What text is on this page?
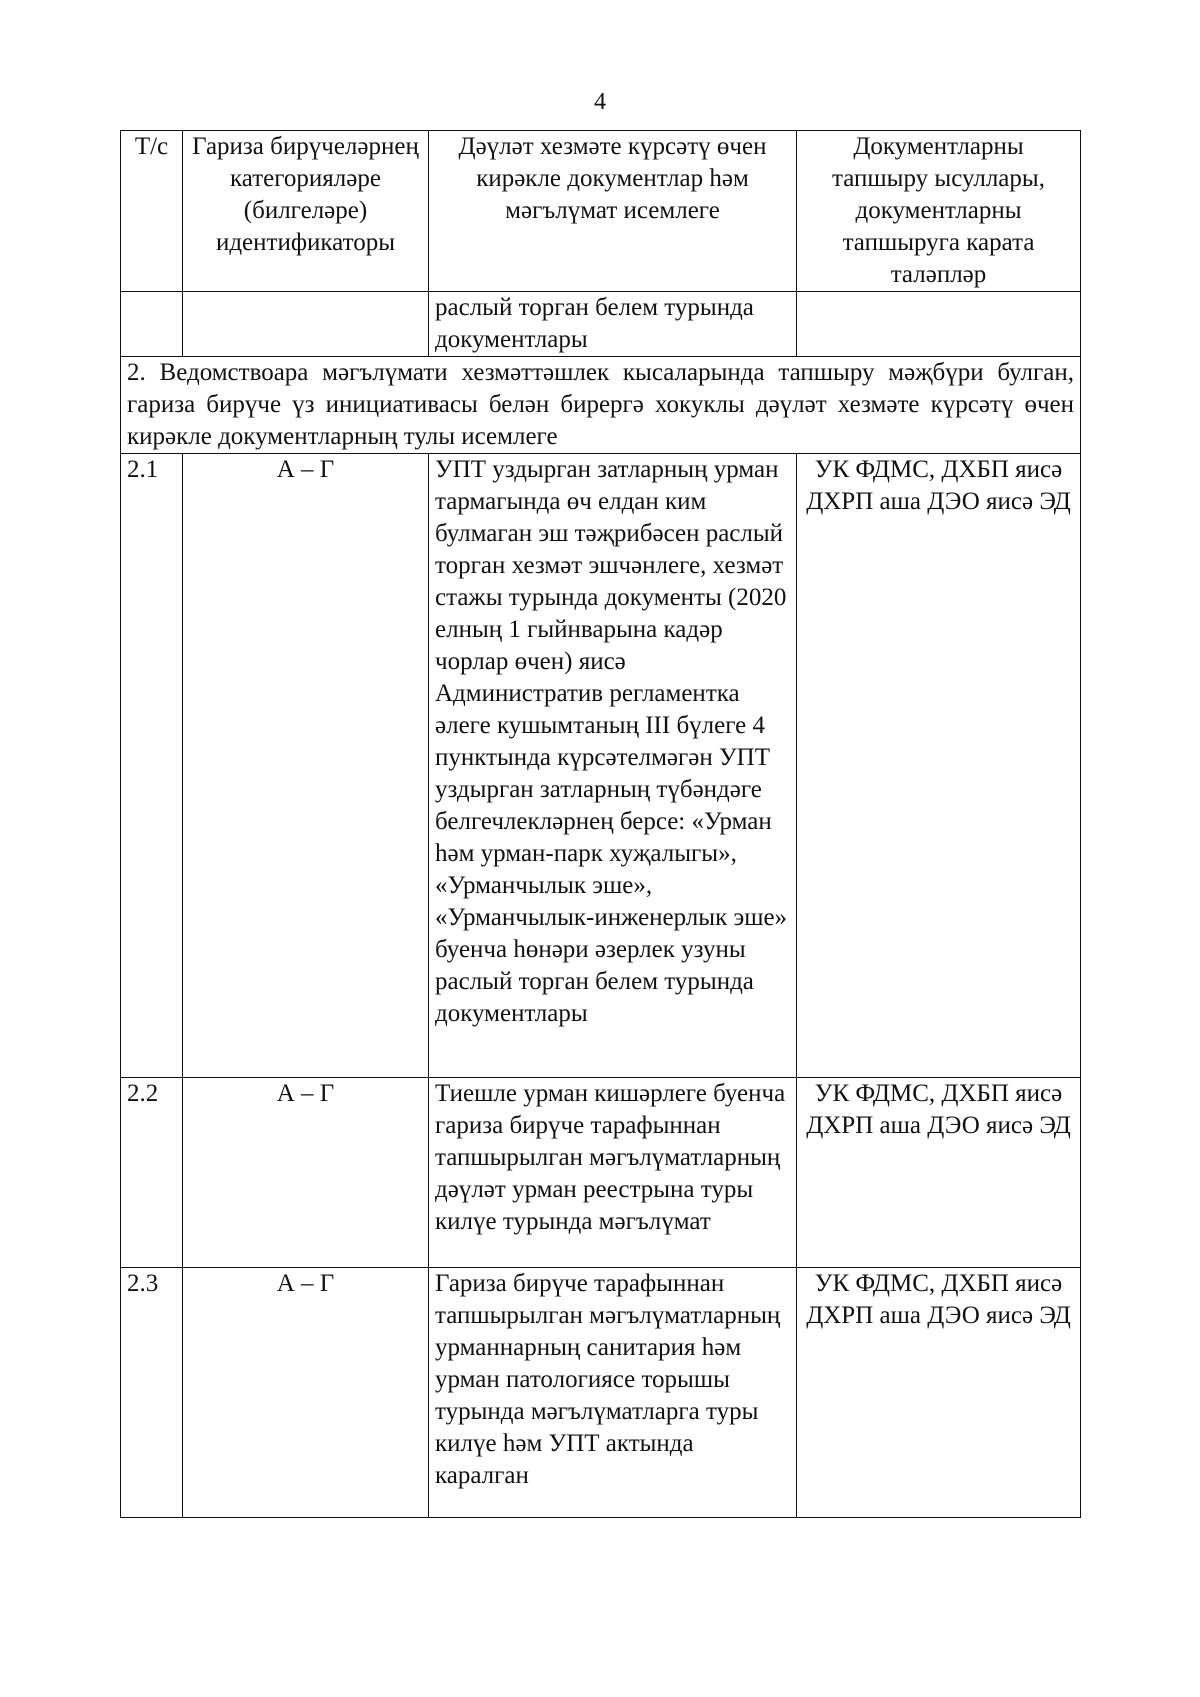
4
Т/с	Гариза бирүчеләрнең категорияләре (билгеләре) идентификаторы	Дәүләт хезмәте күрсәтү өчен кирәкле документлар һәм мәгълүмат исемлеге	Документларны тапшыру ысуллары, документларны тапшыруга карата таләпләр
		раслый торган белем турында документлары	
2. Ведомствоара мәгълүмати хезмәттәшлек кысаларында тапшыру мәҗбүри булган, гариза бирүче үз инициативасы белән бирергә хокуклы дәүләт хезмәте күрсәтү өчен кирәкле документларның тулы исемлеге			
2.1	А – Г	УПТ уздырган затларның урман тармагында өч елдан ким булмаган эш тәҗрибәсен раслый торган хезмәт эшчәнлеге, хезмәт стажы турында документы (2020 елның 1 гыйнварына кадәр чорлар өчен) яисә Административ регламентка әлеге кушымтаның III бүлеге 4 пунктында күрсәтелмәгән УПТ уздырган затларның түбәндәге белгечлекләрнең берсе: «Урман һәм урман-парк хуҗалыгы», «Урманчылык эше», «Урманчылык-инженерлык эше» буенча һөнәри әзерлек узуны раслый торган белем турында документлары	УК ФДМС, ДХБП яисә ДХРП аша ДЭО яисә ЭД
2.2	А – Г	Тиешле урман кишәрлеге буенча гариза бирүче тарафыннан тапшырылган мәгълүматларның дәүләт урман реестрына туры килүе турында мәгълүмат	УК ФДМС, ДХБП яисә ДХРП аша ДЭО яисә ЭД
2.3	А – Г	Гариза бирүче тарафыннан тапшырылган мәгълүматларның урманнарның санитария һәм урман патологиясе торышы турында мәгълүматларга туры килүе һәм УПТ актында каралган	УК ФДМС, ДХБП яисә ДХРП аша ДЭО яисә ЭД
